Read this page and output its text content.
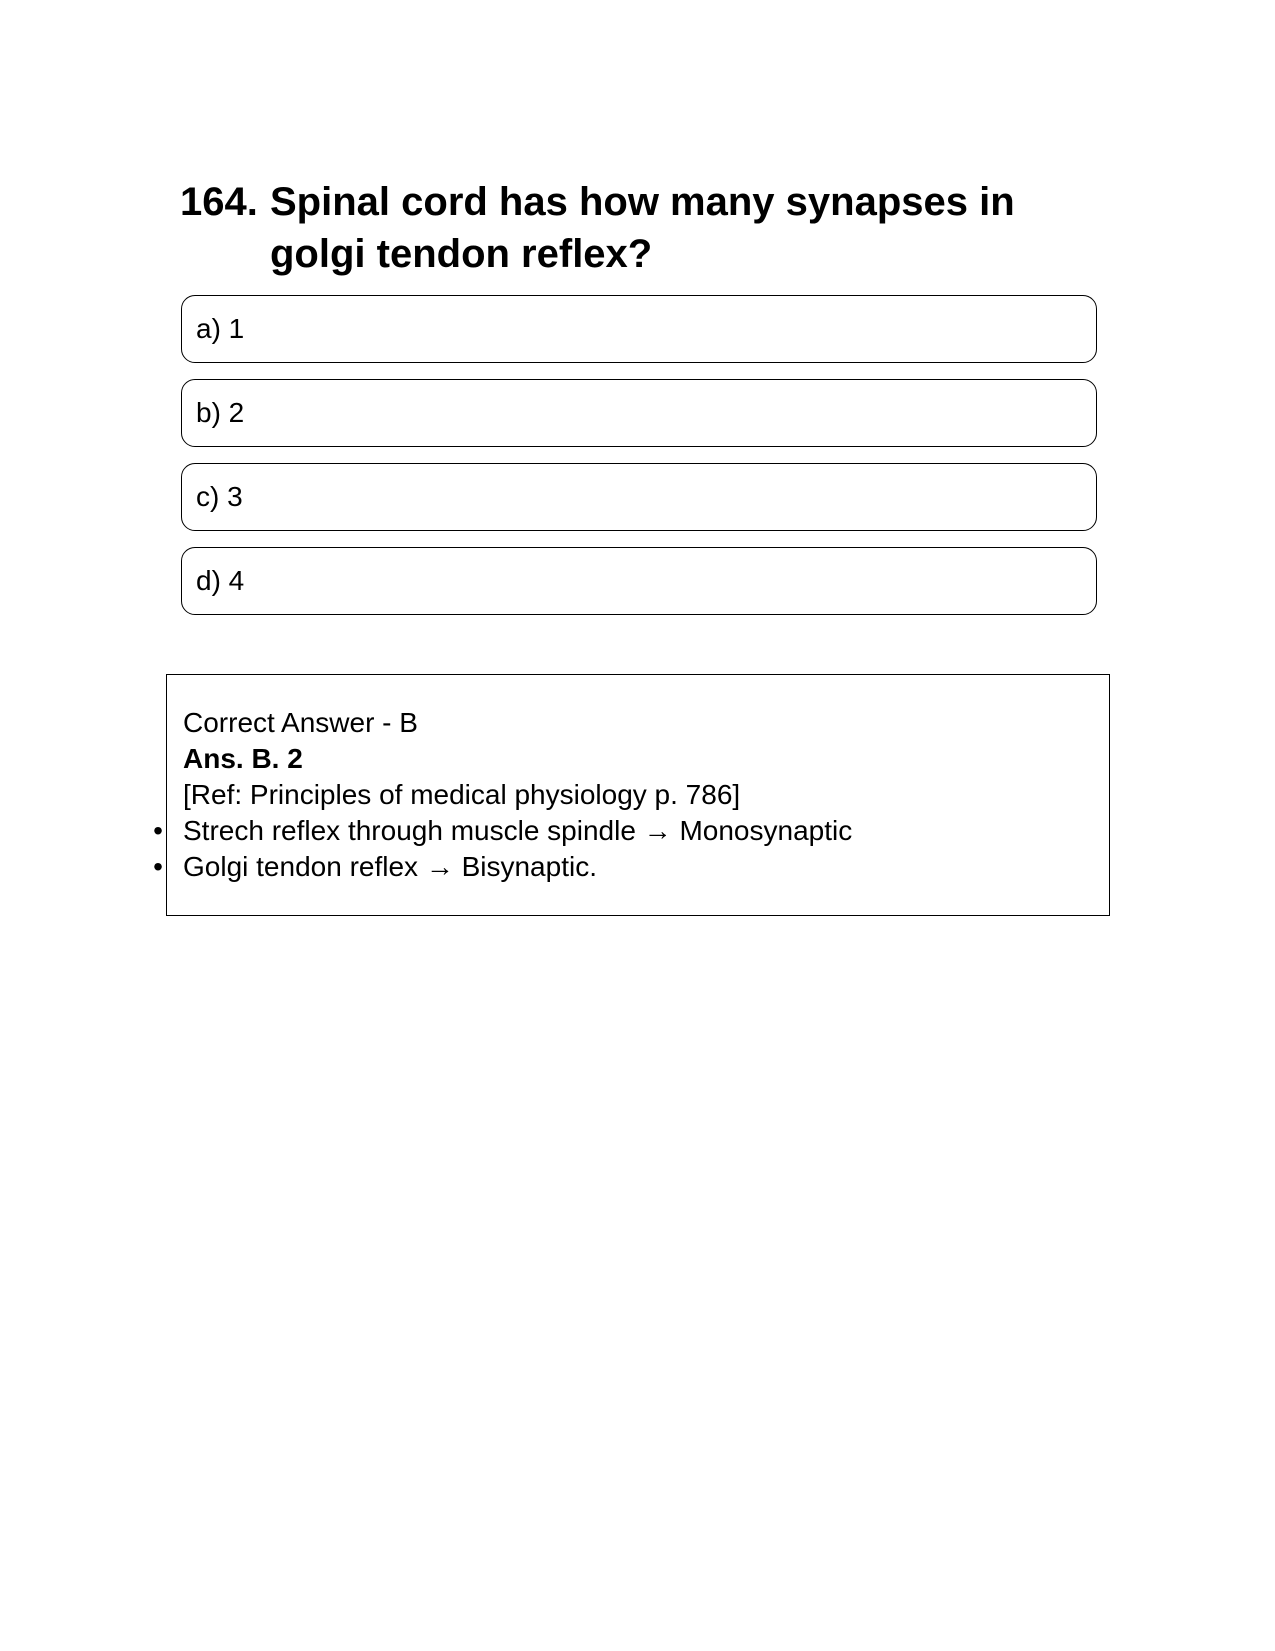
164. Spinal cord has how many synapses in golgi tendon reflex?
a) 1
b) 2
c) 3
d) 4
Correct Answer - B
Ans. B. 2
[Ref: Principles of medical physiology p. 786]
• Strech reflex through muscle spindle → Monosynaptic
• Golgi tendon reflex → Bisynaptic.
